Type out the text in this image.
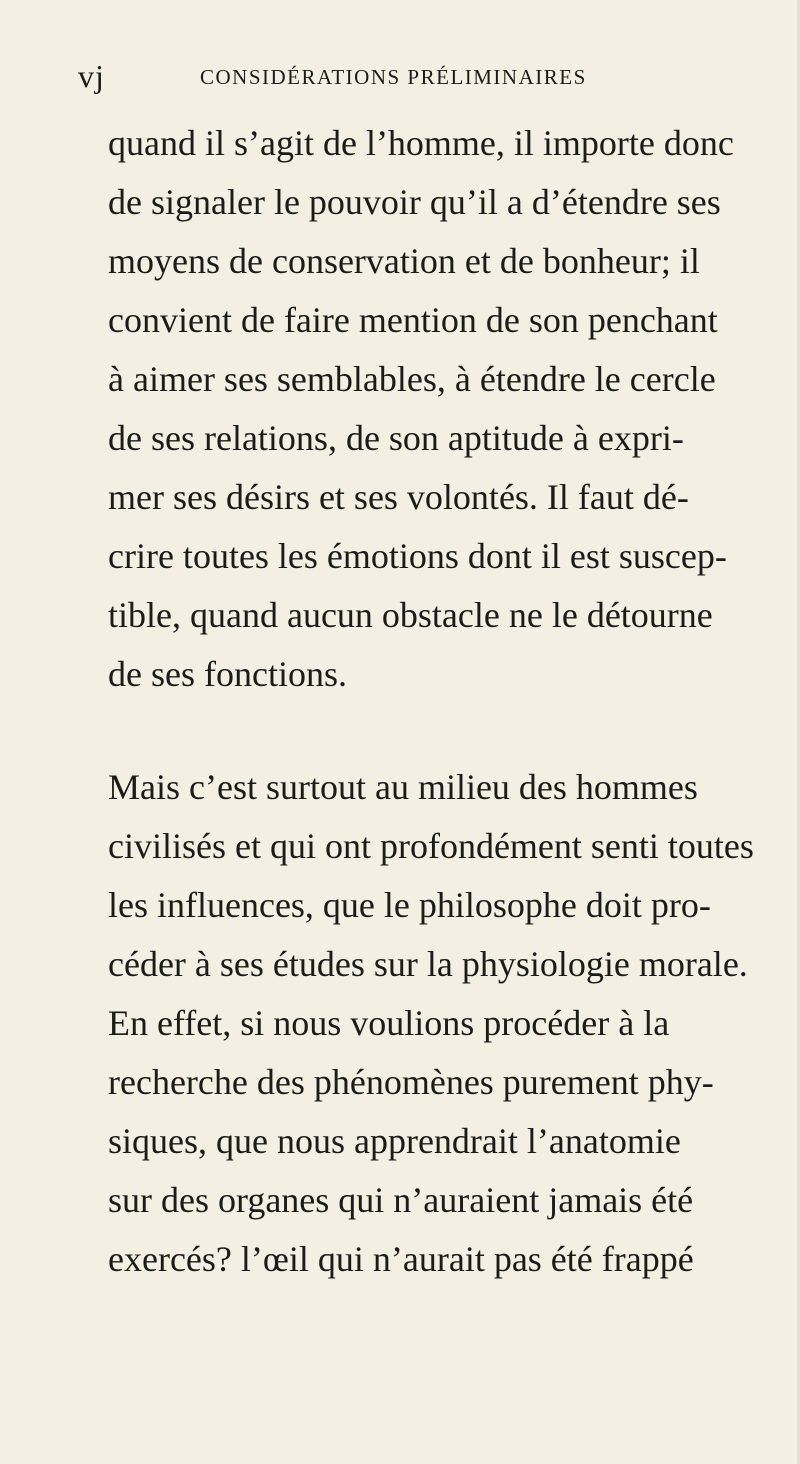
vj	CONSIDÉRATIONS PRÉLIMINAIRES
quand il s’agit de l’homme, il importe donc
de signaler le pouvoir qu’il a d’étendre ses
moyens de conservation et de bonheur; il
convient de faire mention de son penchant
à aimer ses semblables, à étendre le cercle
de ses relations, de son aptitude à expri-
mer ses désirs et ses volontés. Il faut dé-
crire toutes les émotions dont il est suscep-
tible, quand aucun obstacle ne le détourne
de ses fonctions.
Mais c’est surtout au milieu des hommes
civilisés et qui ont profondément senti toutes
les influences, que le philosophe doit pro-
céder à ses études sur la physiologie morale.
En effet, si nous voulions procéder à la
recherche des phénomènes purement phy-
siques, que nous apprendrait l’anatomie
sur des organes qui n’auraient jamais été
exercés? l’œil qui n’aurait pas été frappé
